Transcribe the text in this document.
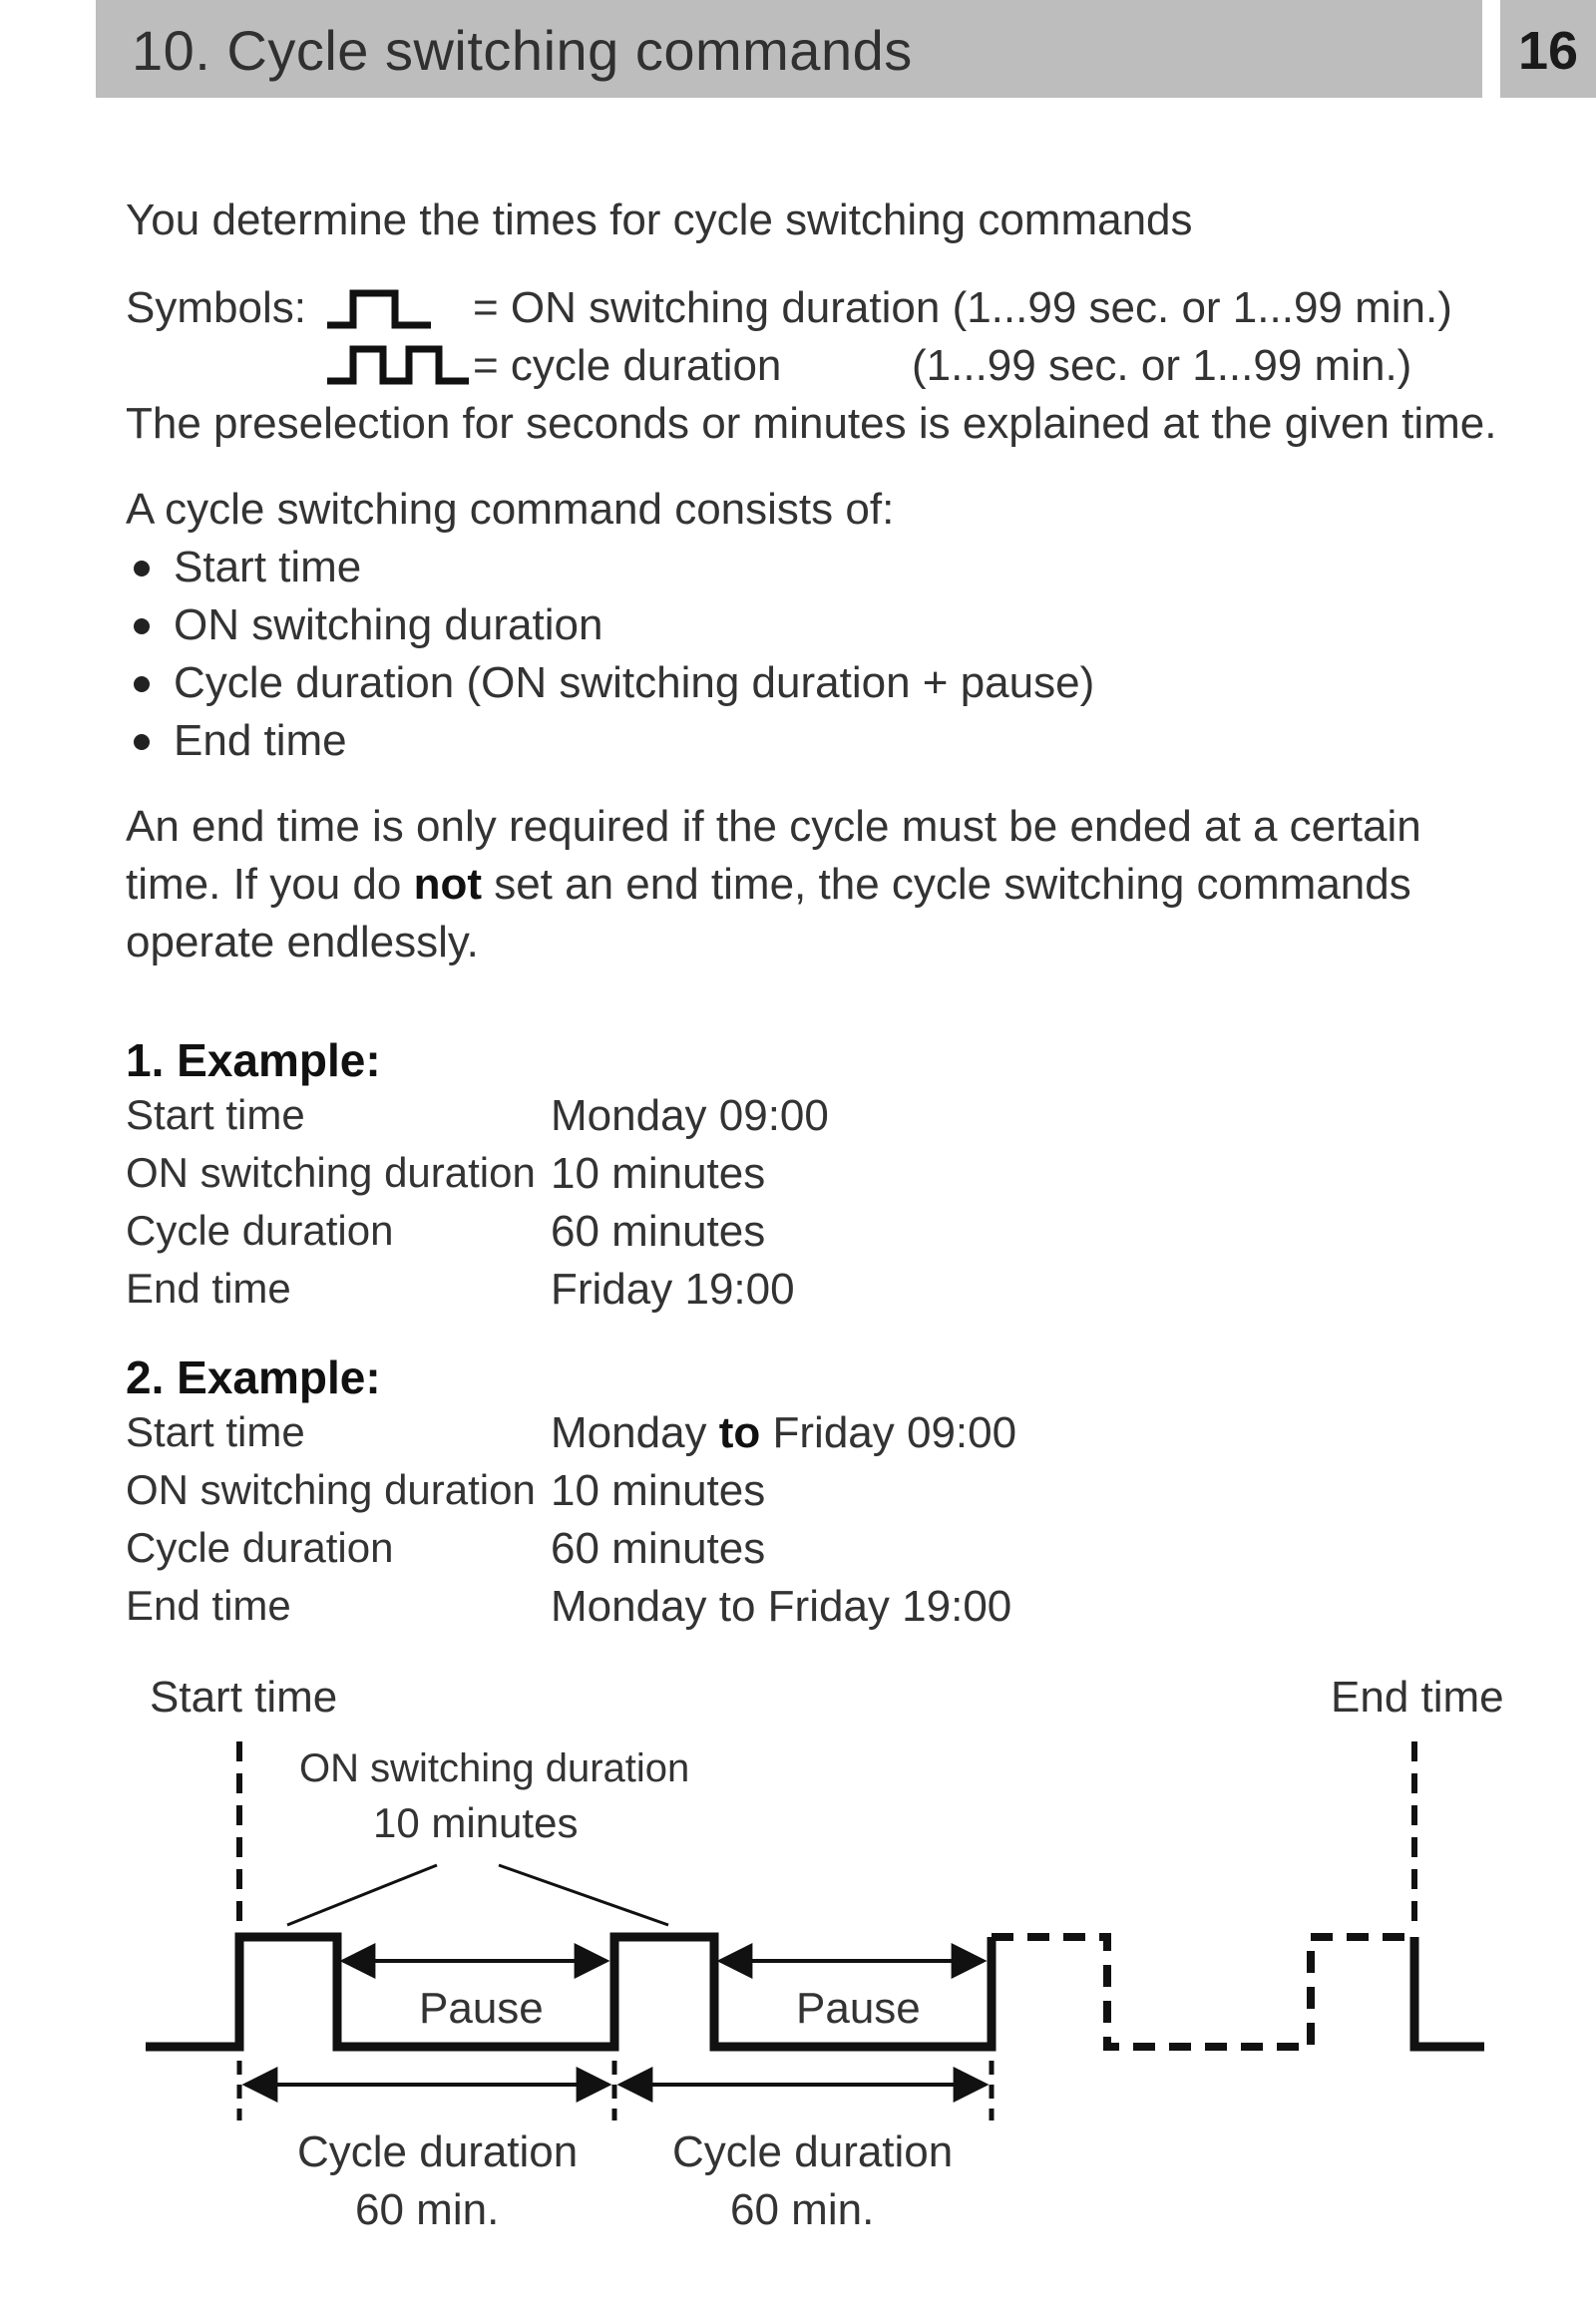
10. Cycle switching commands	16
You determine the times for cycle switching commands
Symbols:	= ON switching duration (1...99 sec. or 1...99 min.)
= cycle duration	(1...99 sec. or 1...99 min.)
The preselection for seconds or minutes is explained at the given time.
A cycle switching command consists of:
Start time
ON switching duration
Cycle duration (ON switching duration + pause)
End time
An end time is only required if the cycle must be ended at a certain
time. If you do not set an end time, the cycle switching commands
operate endlessly.
1. Example:
Start time	Monday 09:00
ON switching duration 10 minutes
Cycle duration	60 minutes
End time	Friday 19:00
2. Example:
Start time	Monday to Friday 09:00
ON switching duration 10 minutes
Cycle duration	60 minutes
End time	Monday to Friday 19:00
Start time	End time
ON switching duration
10 minutes
Pause	Pause
Cycle duration
60 min.
Cycle duration
60 min.
